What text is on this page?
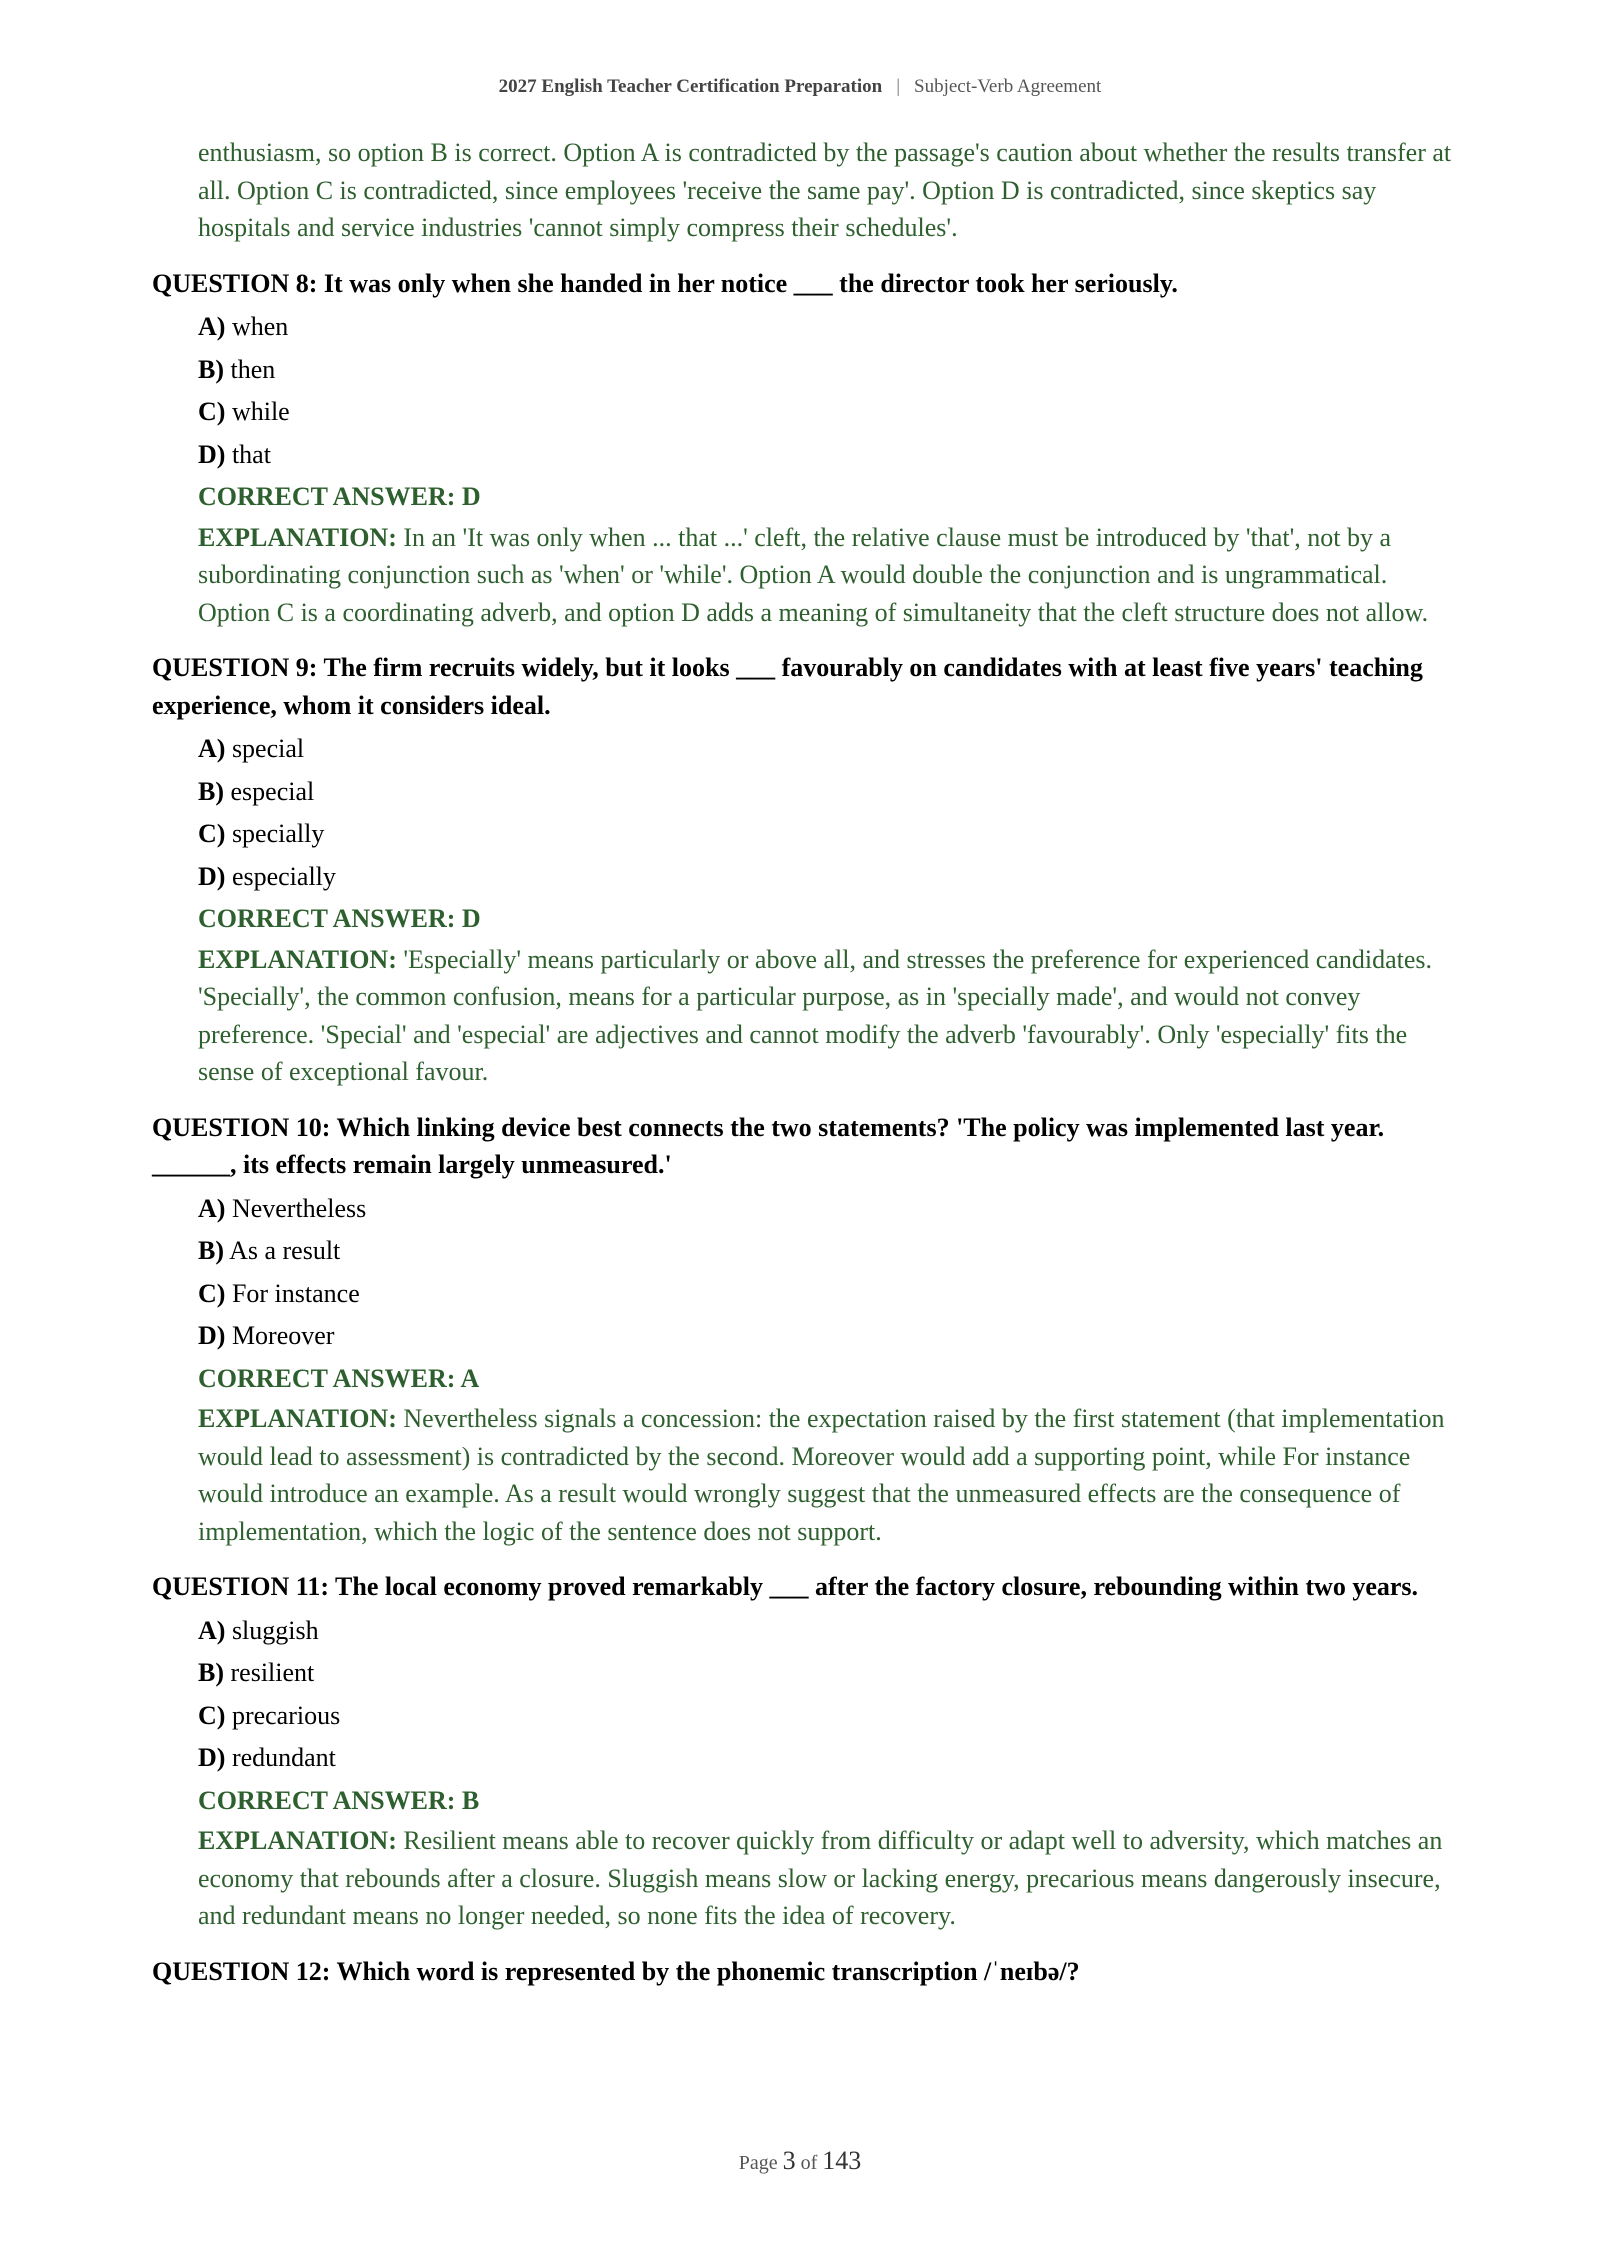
2027 English Teacher Certification Preparation | Subject-Verb Agreement
enthusiasm, so option B is correct. Option A is contradicted by the passage's caution about whether the results transfer at all. Option C is contradicted, since employees 'receive the same pay'. Option D is contradicted, since skeptics say hospitals and service industries 'cannot simply compress their schedules'.
QUESTION 8: It was only when she handed in her notice ___ the director took her seriously.
A) when
B) then
C) while
D) that
CORRECT ANSWER: D
EXPLANATION: In an 'It was only when ... that ...' cleft, the relative clause must be introduced by 'that', not by a subordinating conjunction such as 'when' or 'while'. Option A would double the conjunction and is ungrammatical. Option C is a coordinating adverb, and option D adds a meaning of simultaneity that the cleft structure does not allow.
QUESTION 9: The firm recruits widely, but it looks ___ favourably on candidates with at least five years' teaching experience, whom it considers ideal.
A) special
B) especial
C) specially
D) especially
CORRECT ANSWER: D
EXPLANATION: 'Especially' means particularly or above all, and stresses the preference for experienced candidates. 'Specially', the common confusion, means for a particular purpose, as in 'specially made', and would not convey preference. 'Special' and 'especial' are adjectives and cannot modify the adverb 'favourably'. Only 'especially' fits the sense of exceptional favour.
QUESTION 10: Which linking device best connects the two statements? 'The policy was implemented last year. ______, its effects remain largely unmeasured.'
A) Nevertheless
B) As a result
C) For instance
D) Moreover
CORRECT ANSWER: A
EXPLANATION: Nevertheless signals a concession: the expectation raised by the first statement (that implementation would lead to assessment) is contradicted by the second. Moreover would add a supporting point, while For instance would introduce an example. As a result would wrongly suggest that the unmeasured effects are the consequence of implementation, which the logic of the sentence does not support.
QUESTION 11: The local economy proved remarkably ___ after the factory closure, rebounding within two years.
A) sluggish
B) resilient
C) precarious
D) redundant
CORRECT ANSWER: B
EXPLANATION: Resilient means able to recover quickly from difficulty or adapt well to adversity, which matches an economy that rebounds after a closure. Sluggish means slow or lacking energy, precarious means dangerously insecure, and redundant means no longer needed, so none fits the idea of recovery.
QUESTION 12: Which word is represented by the phonemic transcription /ˈneɪbə/?
Page 3 of 143
